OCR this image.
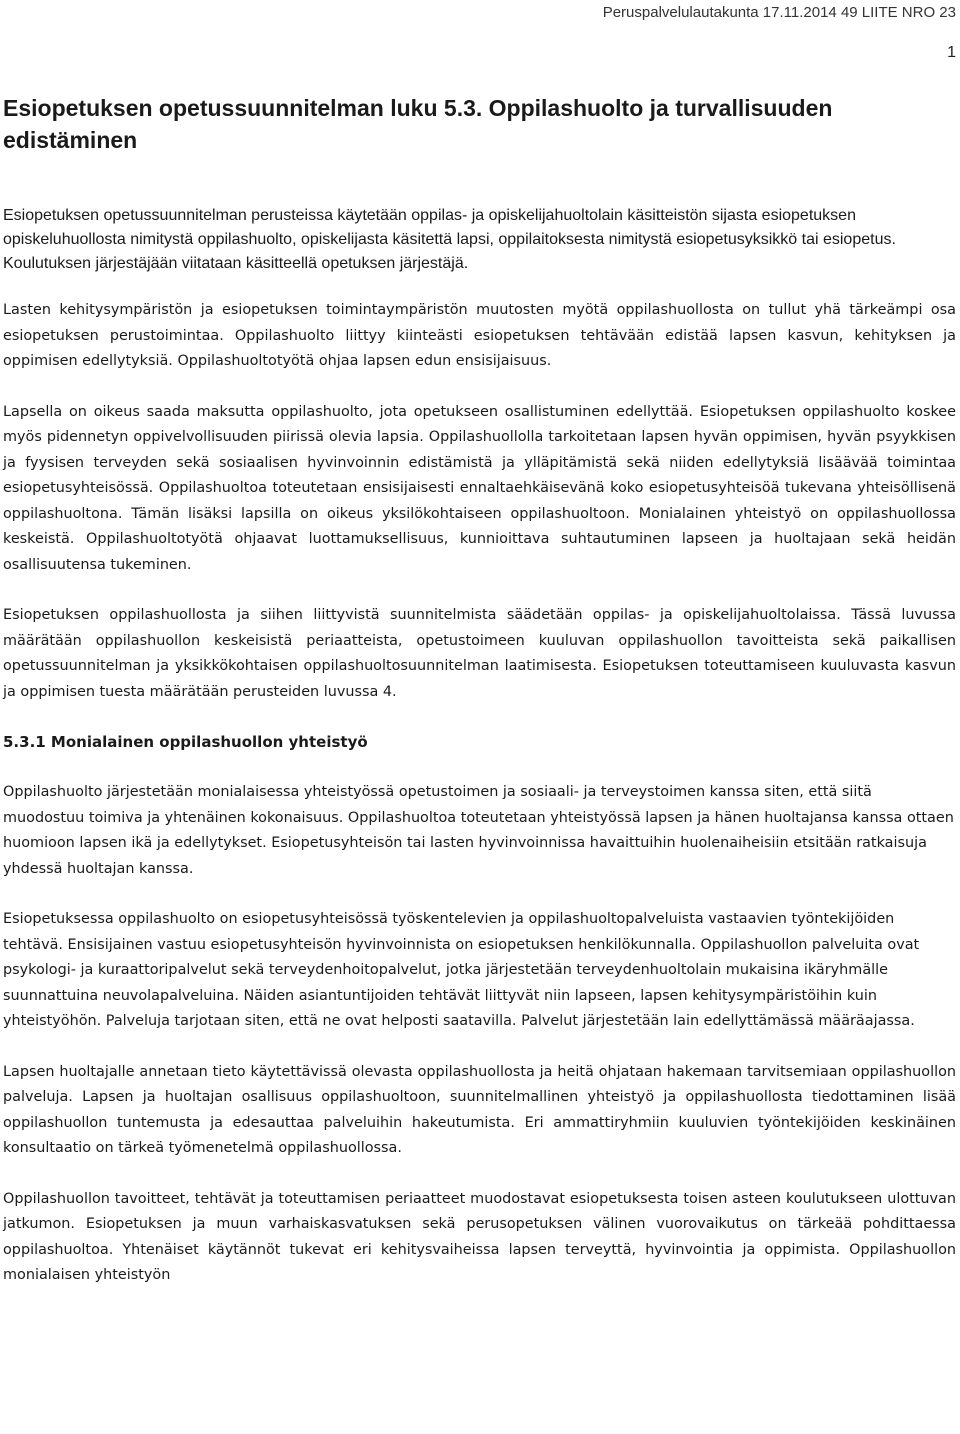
Peruspalvelulautakunta 17.11.2014 49 LIITE NRO 23
1
Esiopetuksen opetussuunnitelman luku 5.3. Oppilashuolto ja turvallisuuden edistäminen

Esiopetuksen opetussuunnitelman perusteissa käytetään oppilas- ja opiskelijahuoltolain käsitteistön sijasta esiopetuksen opiskeluhuollosta nimitystä oppilashuolto, opiskelijasta käsitettä lapsi, oppilaitoksesta nimitystä esiopetusyksikkö tai esiopetus. Koulutuksen järjestäjään viitataan käsitteellä opetuksen järjestäjä.

Lasten kehitysympäristön ja esiopetuksen toimintaympäristön muutosten myötä oppilashuollosta on tullut yhä tärkeämpi osa esiopetuksen perustoimintaa. Oppilashuolto liittyy kiinteästi esiopetuksen tehtävään edistää lapsen kasvun, kehityksen ja oppimisen edellytyksiä. Oppilashuoltotyötä ohjaa lapsen edun ensisijaisuus.

Lapsella on oikeus saada maksutta oppilashuolto, jota opetukseen osallistuminen edellyttää. Esiopetuksen oppilashuolto koskee myös pidennetyn oppivelvollisuuden piirissä olevia lapsia. Oppilashuollolla tarkoitetaan lapsen hyvän oppimisen, hyvän psyykkisen ja fyysisen terveyden sekä sosiaalisen hyvinvoinnin edistämistä ja ylläpitämistä sekä niiden edellytyksiä lisäävää toimintaa esiopetusyhteisössä. Oppilashuoltoa toteutetaan ensisijaisesti ennaltaehkäisevänä koko esiopetusyhteisöä tukevana yhteisöllisenä oppilashuoltona. Tämän lisäksi lapsilla on oikeus yksilökohtaiseen oppilashuoltoon. Monialainen yhteistyö on oppilashuollossa keskeistä. Oppilashuoltotyötä ohjaavat luottamuksellisuus, kunnioittava suhtautuminen lapseen ja huoltajaan sekä heidän osallisuutensa tukeminen.

Esiopetuksen oppilashuollosta ja siihen liittyvistä suunnitelmista säädetään oppilas- ja opiskelijahuoltolaissa. Tässä luvussa määrätään oppilashuollon keskeisistä periaatteista, opetustoimeen kuuluvan oppilashuollon tavoitteista sekä paikallisen opetussuunnitelman ja yksikkökohtaisen oppilashuoltosuunnitelman laatimisesta. Esiopetuksen toteuttamiseen kuuluvasta kasvun ja oppimisen tuesta määrätään perusteiden luvussa 4.

5.3.1 Monialainen oppilashuollon yhteistyö

Oppilashuolto järjestetään monialaisessa yhteistyössä opetustoimen ja sosiaali- ja terveystoimen kanssa siten, että siitä muodostuu toimiva ja yhtenäinen kokonaisuus. Oppilashuoltoa toteutetaan yhteistyössä lapsen ja hänen huoltajansa kanssa ottaen huomioon lapsen ikä ja edellytykset. Esiopetusyhteisön tai lasten hyvinvoinnissa havaittuihin huolenaiheisiin etsitään ratkaisuja yhdessä huoltajan kanssa.

Esiopetuksessa oppilashuolto on esiopetusyhteisössä työskentelevien ja oppilashuoltopalveluista vastaavien työntekijöiden tehtävä. Ensisijainen vastuu esiopetusyhteisön hyvinvoinnista on esiopetuksen henkilökunnalla. Oppilashuollon palveluita ovat psykologi- ja kuraattoripalvelut sekä terveydenhoitopalvelut, jotka järjestetään terveydenhuoltolain mukaisina ikäryhmälle suunnattuina neuvolapalveluina. Näiden asiantuntijoiden tehtävät liittyvät niin lapseen, lapsen kehitysympäristöihin kuin yhteistyöhön. Palveluja tarjotaan siten, että ne ovat helposti saatavilla. Palvelut järjestetään lain edellyttämässä määräajassa.

Lapsen huoltajalle annetaan tieto käytettävissä olevasta oppilashuollosta ja heitä ohjataan hakemaan tarvitsemiaan oppilashuollon palveluja. Lapsen ja huoltajan osallisuus oppilashuoltoon, suunnitelmallinen yhteistyö ja oppilashuollosta tiedottaminen lisää oppilashuollon tuntemusta ja edesauttaa palveluihin hakeutumista. Eri ammattiryhmiin kuuluvien työntekijöiden keskinäinen konsultaatio on tärkeä työmenetelmä oppilashuollossa.

Oppilashuollon tavoitteet, tehtävät ja toteuttamisen periaatteet muodostavat esiopetuksesta toisen asteen koulutukseen ulottuvan jatkumon. Esiopetuksen ja muun varhaiskasvatuksen sekä perusopetuksen välinen vuorovaikutus on tärkeää pohdittaessa oppilashuoltoa. Yhtenäiset käytännöt tukevat eri kehitysvaiheissa lapsen terveyttä, hyvinvointia ja oppimista. Oppilashuollon monialaisen yhteistyön
